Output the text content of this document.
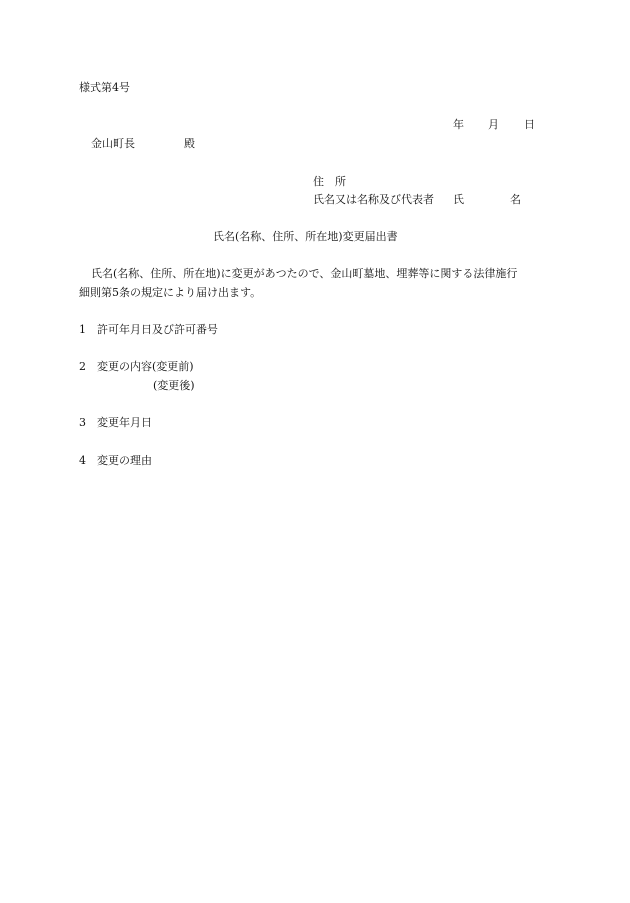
様式第4号
年 月 日
金山町長	殿
住　所
氏名又は名称及び代表者 氏	名
氏名(名称、住所、所在地)変更届出書
氏名(名称、住所、所在地)に変更があつたので、金山町墓地、埋葬等に関する法律施行
細則第5条の規定により届け出ます。
1 許可年月日及び許可番号
2 変更の内容(変更前)
(変更後)
3 変更年月日
4 変更の理由
